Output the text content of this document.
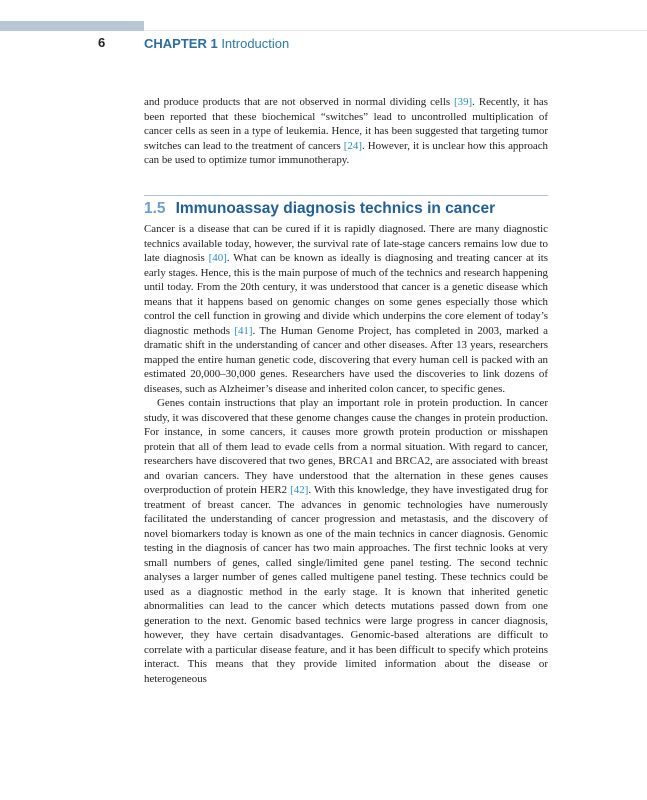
6	CHAPTER 1 Introduction

and produce products that are not observed in normal dividing cells [39]. Recently, it has been reported that these biochemical “switches” lead to uncontrolled multiplication of cancer cells as seen in a type of leukemia. Hence, it has been suggested that targeting tumor switches can lead to the treatment of cancers [24]. However, it is unclear how this approach can be used to optimize tumor immunotherapy.

1.5 Immunoassay diagnosis technics in cancer

Cancer is a disease that can be cured if it is rapidly diagnosed. There are many diagnostic technics available today, however, the survival rate of late-stage cancers remains low due to late diagnosis [40]. What can be known as ideally is diagnosing and treating cancer at its early stages. Hence, this is the main purpose of much of the technics and research happening until today. From the 20th century, it was understood that cancer is a genetic disease which means that it happens based on genomic changes on some genes especially those which control the cell function in growing and divide which underpins the core element of today’s diagnostic methods [41]. The Human Genome Project, has completed in 2003, marked a dramatic shift in the understanding of cancer and other diseases. After 13 years, researchers mapped the entire human genetic code, discovering that every human cell is packed with an estimated 20,000–30,000 genes. Researchers have used the discoveries to link dozens of diseases, such as Alzheimer’s disease and inherited colon cancer, to specific genes.

Genes contain instructions that play an important role in protein production. In cancer study, it was discovered that these genome changes cause the changes in protein production. For instance, in some cancers, it causes more growth protein production or misshapen protein that all of them lead to evade cells from a normal situation. With regard to cancer, researchers have discovered that two genes, BRCA1 and BRCA2, are associated with breast and ovarian cancers. They have understood that the alternation in these genes causes overproduction of protein HER2 [42]. With this knowledge, they have investigated drug for treatment of breast cancer. The advances in genomic technologies have numerously facilitated the understanding of cancer progression and metastasis, and the discovery of novel biomarkers today is known as one of the main technics in cancer diagnosis. Genomic testing in the diagnosis of cancer has two main approaches. The first technic looks at very small numbers of genes, called single/limited gene panel testing. The second technic analyses a larger number of genes called multigene panel testing. These technics could be used as a diagnostic method in the early stage. It is known that inherited genetic abnormalities can lead to the cancer which detects mutations passed down from one generation to the next. Genomic based technics were large progress in cancer diagnosis, however, they have certain disadvantages. Genomic-based alterations are difficult to correlate with a particular disease feature, and it has been difficult to specify which proteins interact. This means that they provide limited information about the disease or heterogeneous
